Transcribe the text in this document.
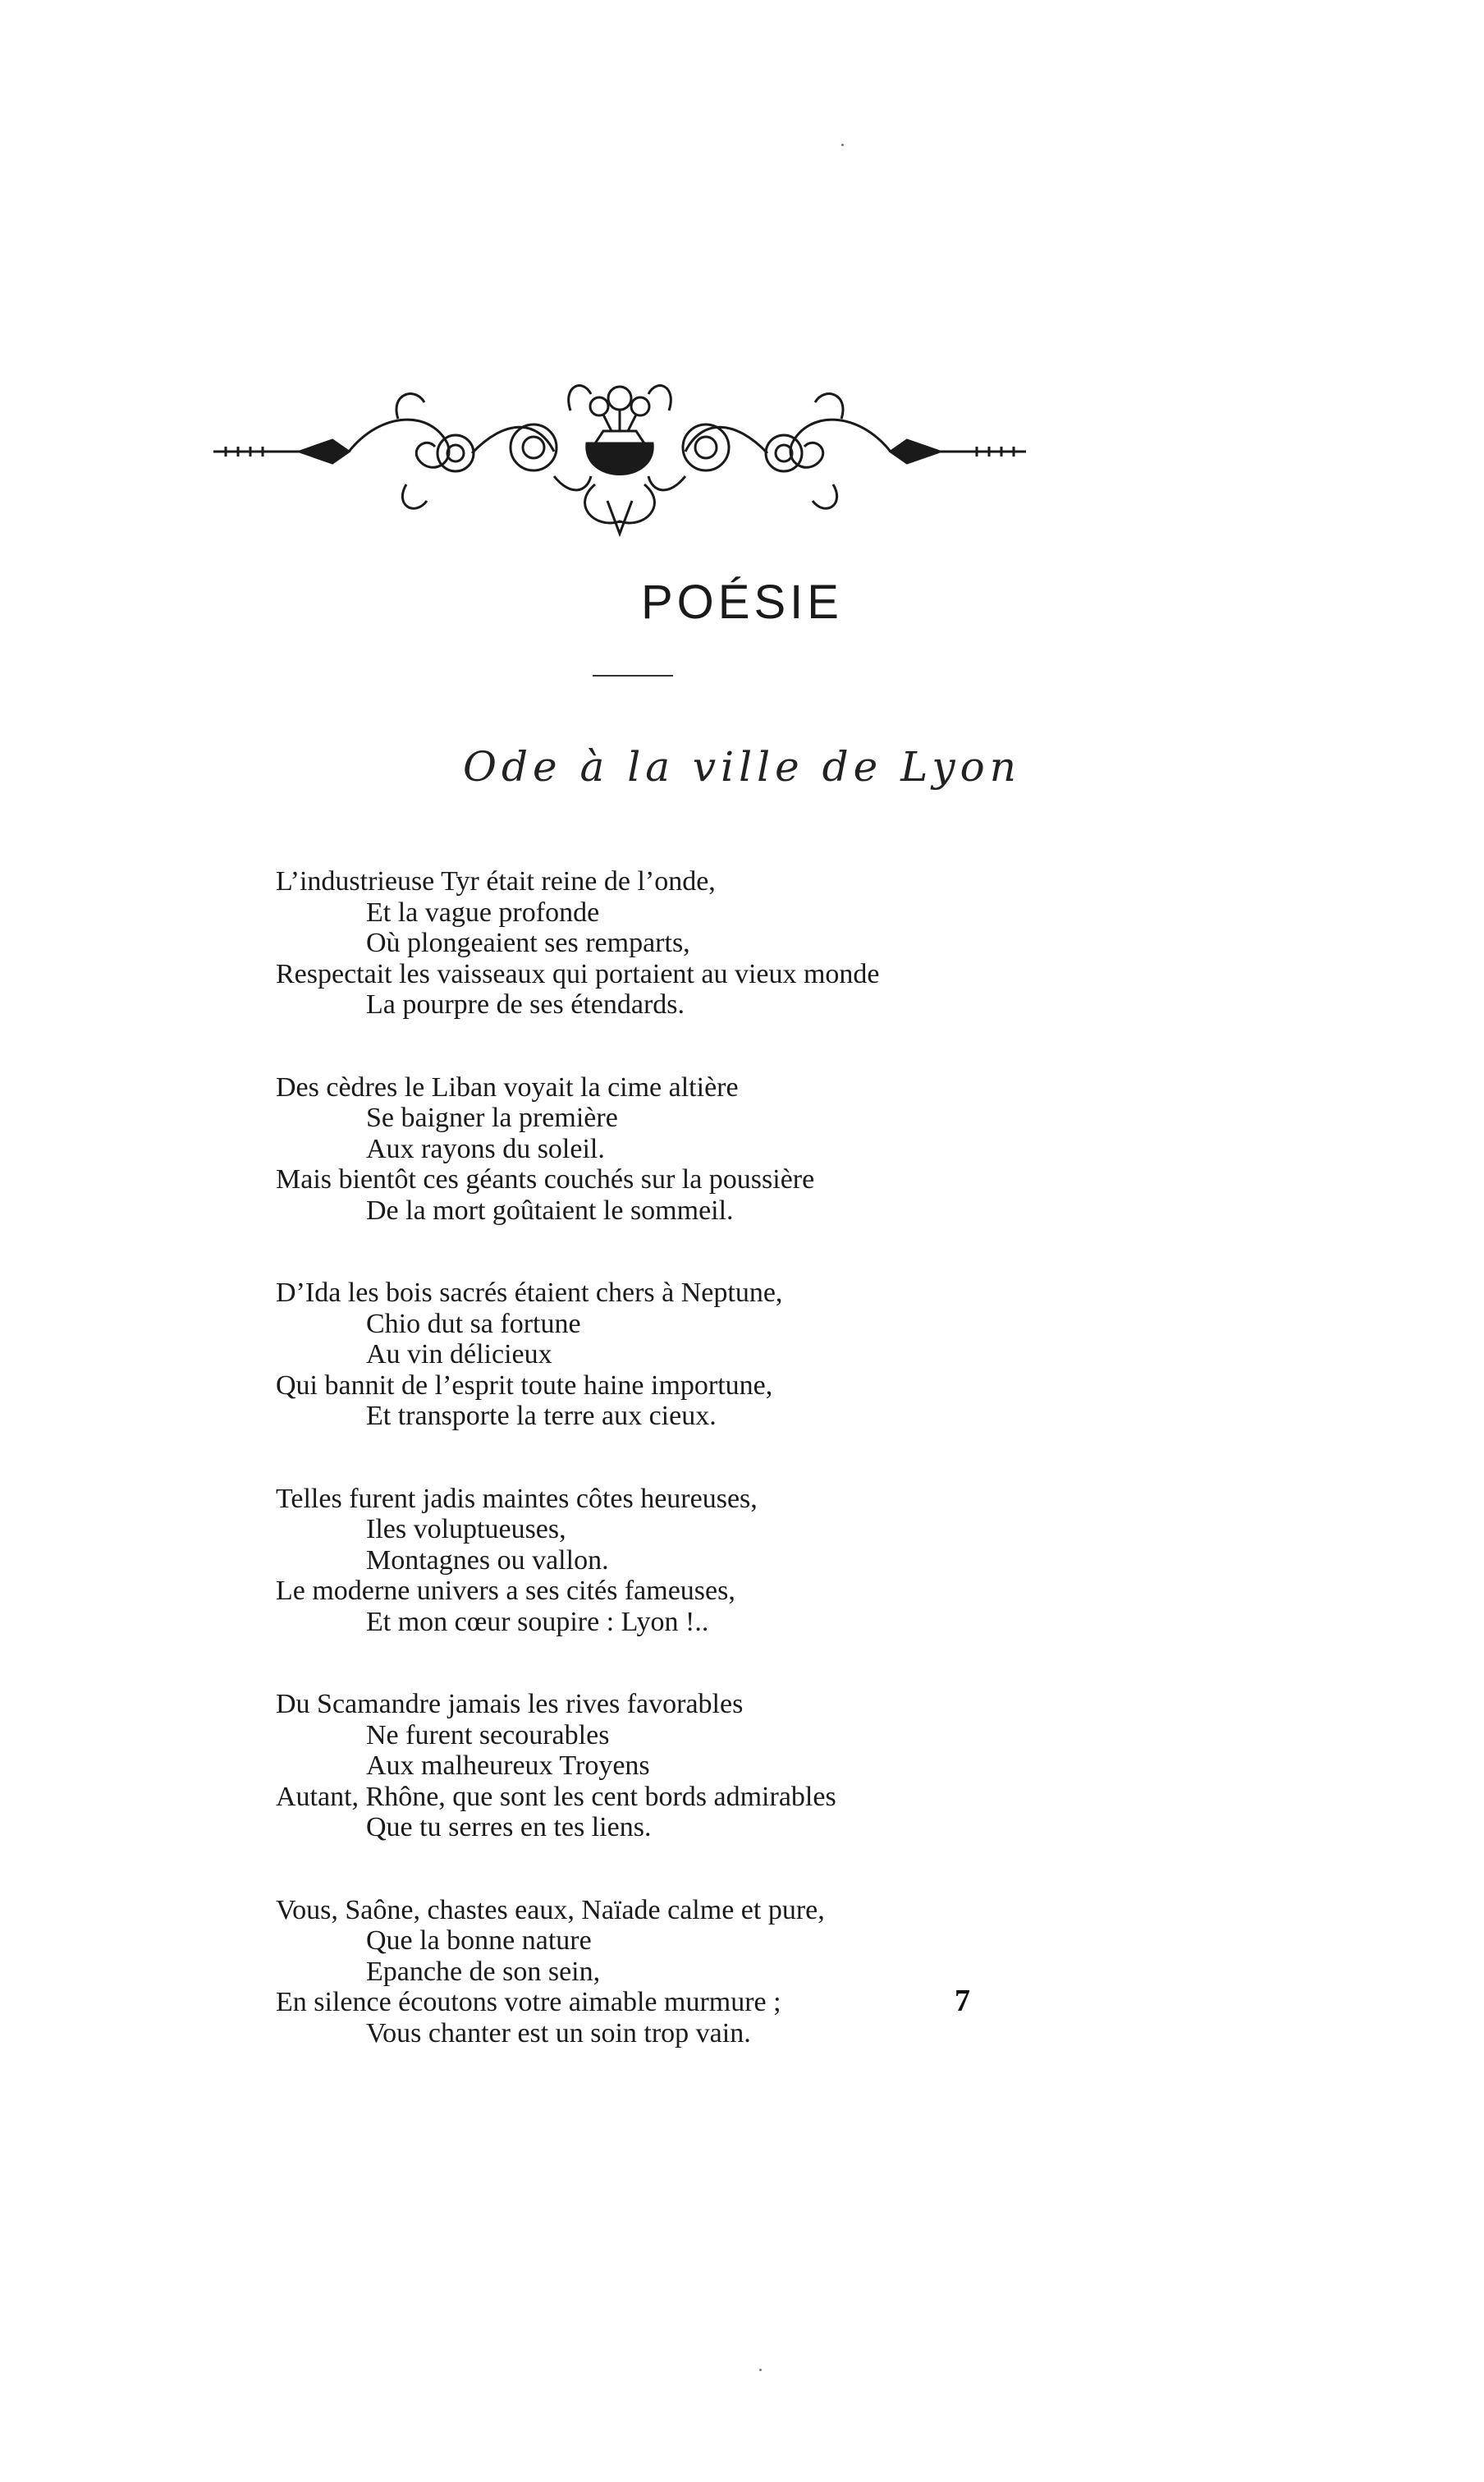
POÉSIE
Ode à la ville de Lyon
L’industrieuse Tyr était reine de l’onde,
Et la vague profonde
Où plongeaient ses remparts,
Respectait les vaisseaux qui portaient au vieux monde
La pourpre de ses étendards.
Des cèdres le Liban voyait la cime altière
Se baigner la première
Aux rayons du soleil.
Mais bientôt ces géants couchés sur la poussière
De la mort goûtaient le sommeil.
D’Ida les bois sacrés étaient chers à Neptune,
Chio dut sa fortune
Au vin délicieux
Qui bannit de l’esprit toute haine importune,
Et transporte la terre aux cieux.
Telles furent jadis maintes côtes heureuses,
Iles voluptueuses,
Montagnes ou vallon.
Le moderne univers a ses cités fameuses,
Et mon cœur soupire : Lyon !..
Du Scamandre jamais les rives favorables
Ne furent secourables
Aux malheureux Troyens
Autant, Rhône, que sont les cent bords admirables
Que tu serres en tes liens.
Vous, Saône, chastes eaux, Naïade calme et pure,
Que la bonne nature
Epanche de son sein,
En silence écoutons votre aimable murmure ;
Vous chanter est un soin trop vain.
7
